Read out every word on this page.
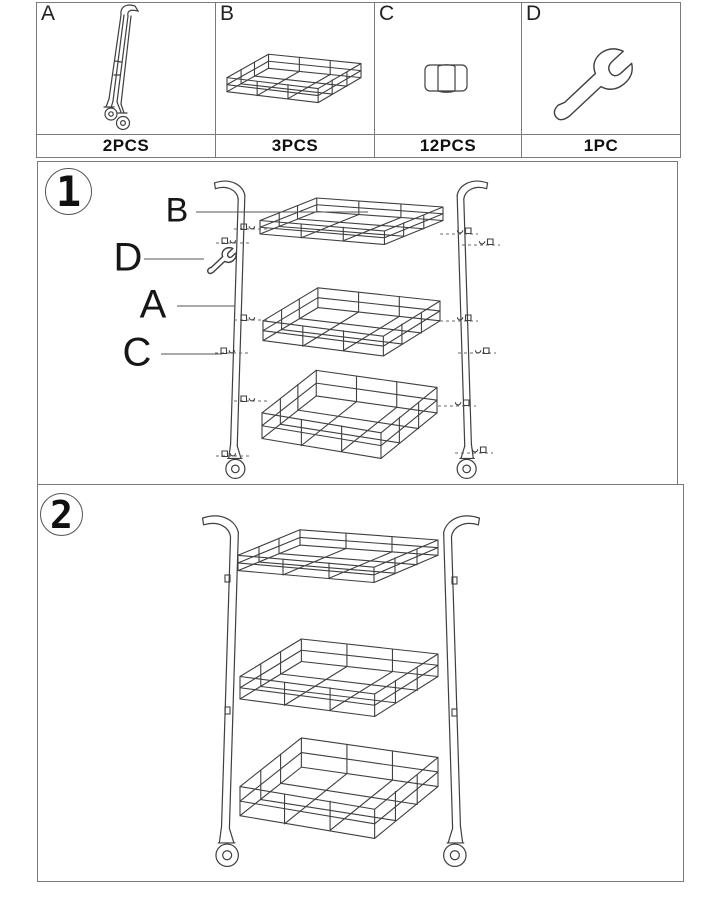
A
2PCS
B
3PCS
C
12PCS
D
1PC
1 B
D
A
C
2
